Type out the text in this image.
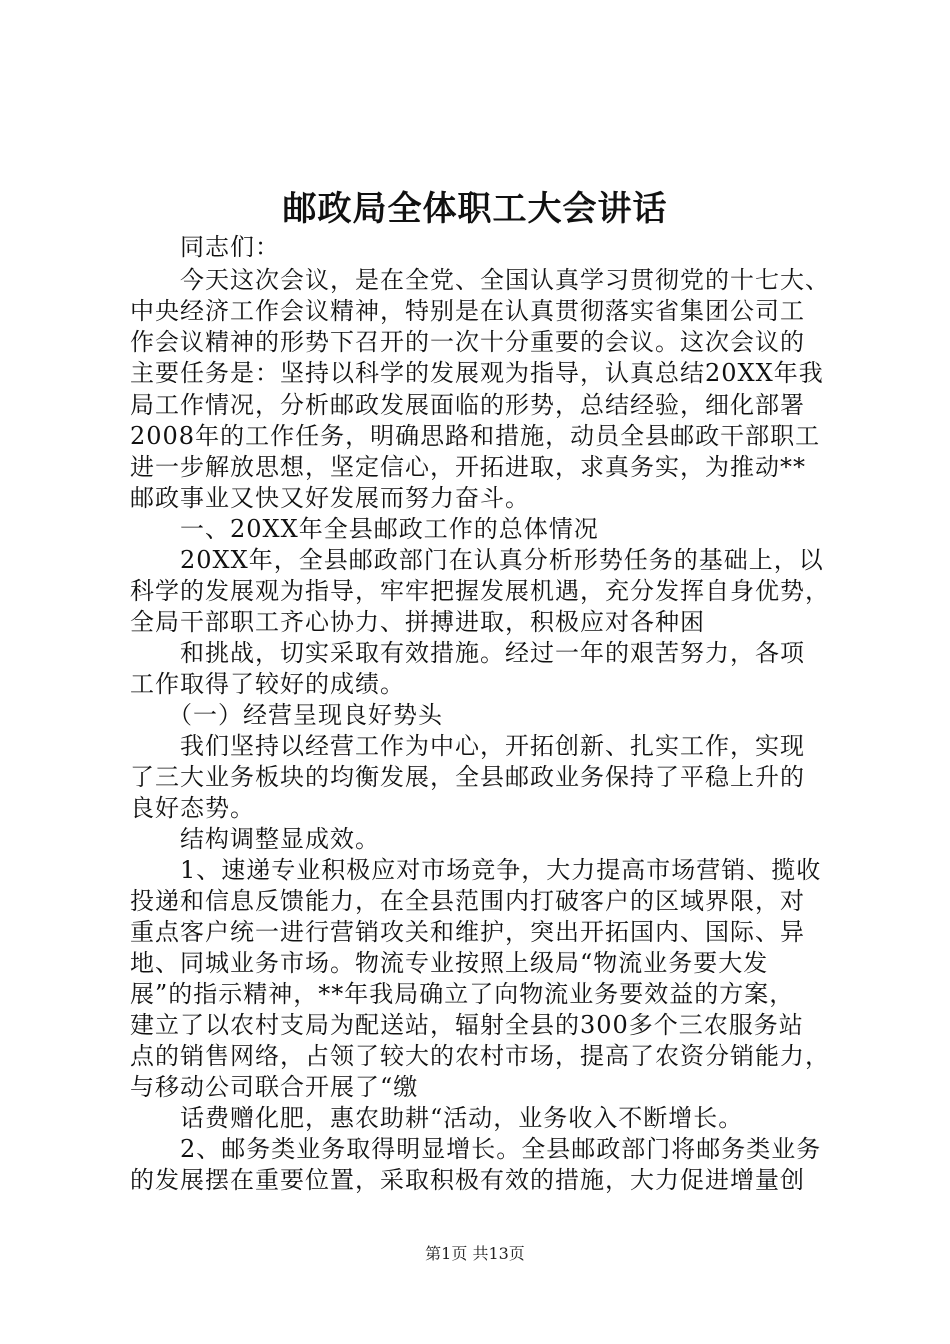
邮政局全体职工大会讲话
　　同志们：
　　今天这次会议，是在全党、全国认真学习贯彻党的十七大、
中央经济工作会议精神，特别是在认真贯彻落实省集团公司工
作会议精神的形势下召开的一次十分重要的会议。这次会议的
主要任务是：坚持以科学的发展观为指导，认真总结20XX年我
局工作情况，分析邮政发展面临的形势，总结经验，细化部署
2008年的工作任务，明确思路和措施，动员全县邮政干部职工
进一步解放思想，坚定信心，开拓进取，求真务实，为推动**
邮政事业又快又好发展而努力奋斗。
　　一、20XX年全县邮政工作的总体情况
　　20XX年，全县邮政部门在认真分析形势任务的基础上，以
科学的发展观为指导，牢牢把握发展机遇，充分发挥自身优势，
全局干部职工齐心协力、拼搏进取，积极应对各种困
　　和挑战，切实采取有效措施。经过一年的艰苦努力，各项
工作取得了较好的成绩。
　　（一）经营呈现良好势头
　　我们坚持以经营工作为中心，开拓创新、扎实工作，实现
了三大业务板块的均衡发展，全县邮政业务保持了平稳上升的
良好态势。
　　结构调整显成效。
　　1、速递专业积极应对市场竞争，大力提高市场营销、揽收
投递和信息反馈能力，在全县范围内打破客户的区域界限，对
重点客户统一进行营销攻关和维护，突出开拓国内、国际、异
地、同城业务市场。物流专业按照上级局“物流业务要大发
展”的指示精神，**年我局确立了向物流业务要效益的方案，
建立了以农村支局为配送站，辐射全县的300多个三农服务站
点的销售网络，占领了较大的农村市场，提高了农资分销能力，
与移动公司联合开展了“缴
　　话费赠化肥，惠农助耕“活动，业务收入不断增长。
　　2、邮务类业务取得明显增长。全县邮政部门将邮务类业务
的发展摆在重要位置，采取积极有效的措施，大力促进增量创
第1页 共13页
